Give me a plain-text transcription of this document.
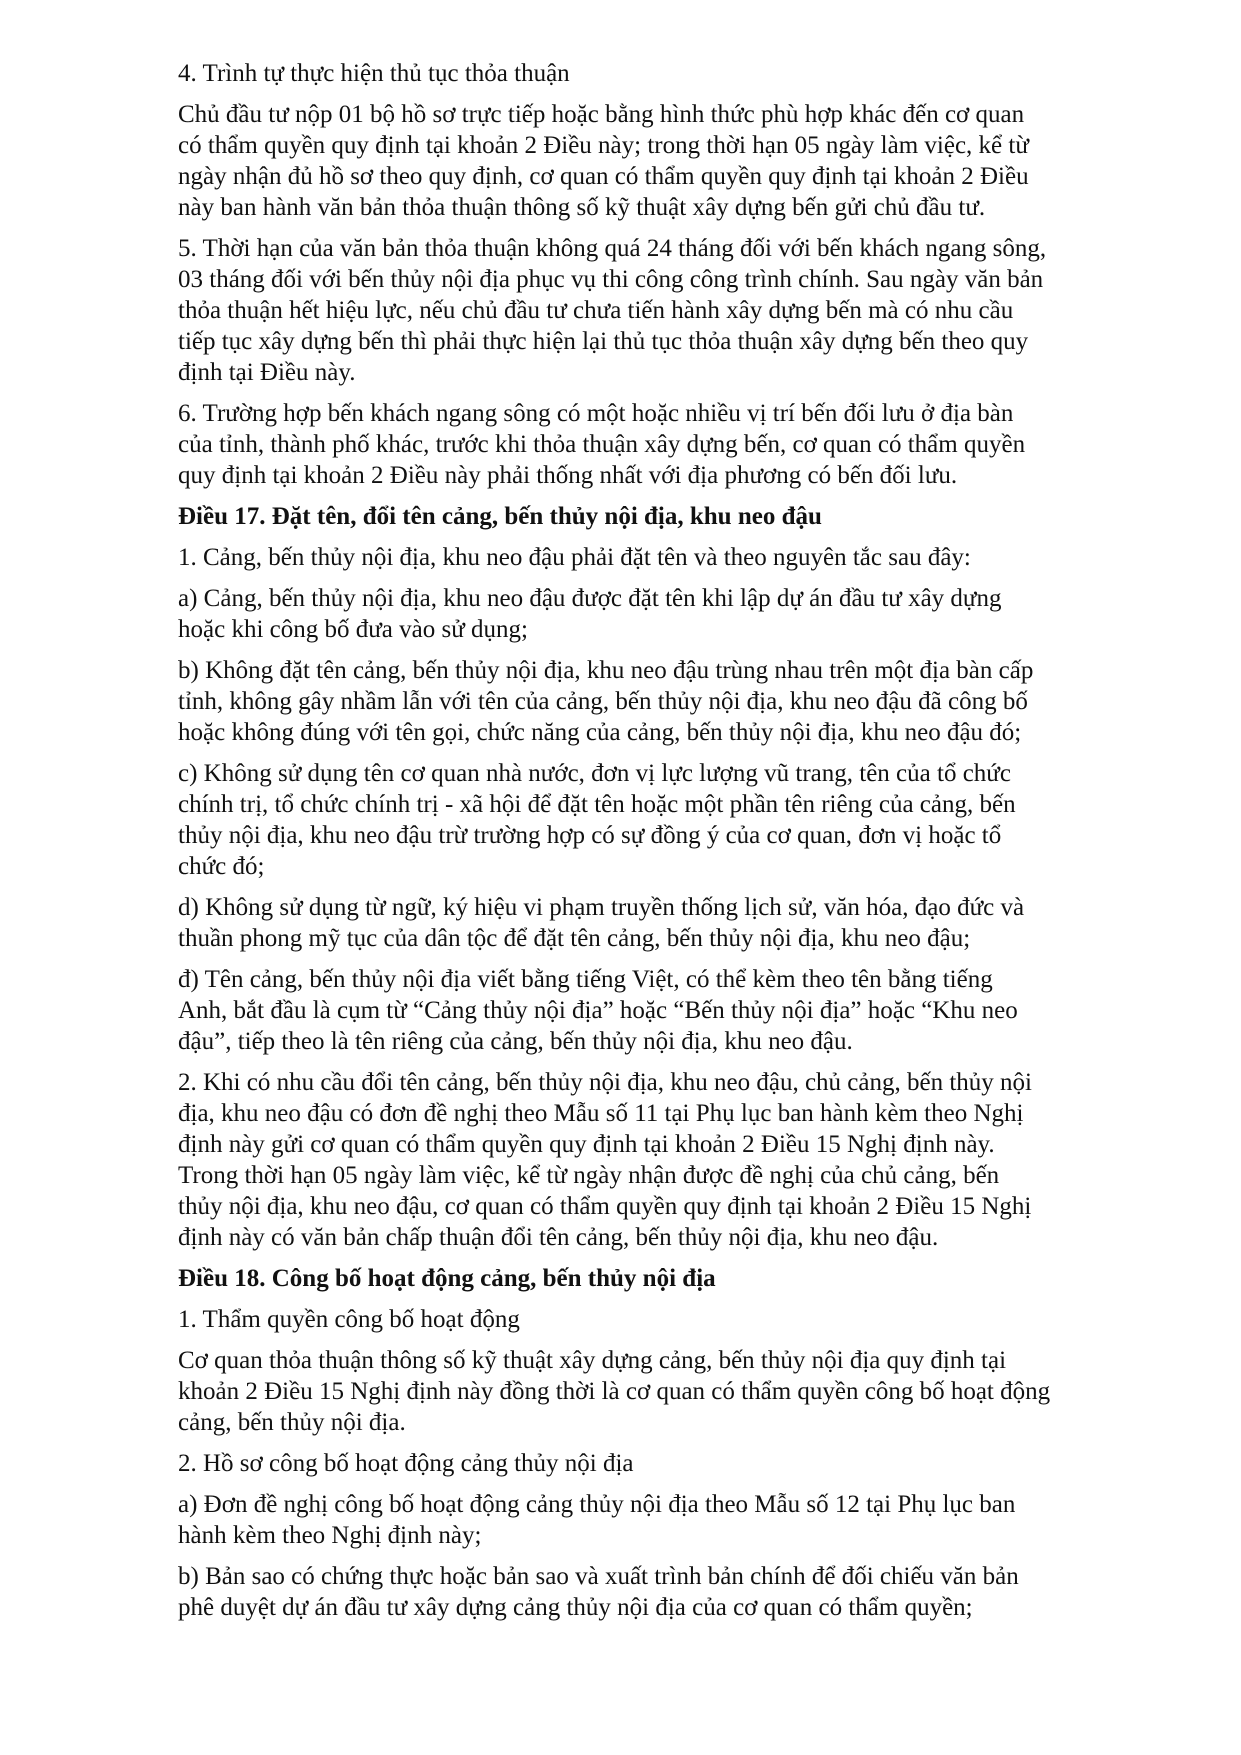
4. Trình tự thực hiện thủ tục thỏa thuận

Chủ đầu tư nộp 01 bộ hồ sơ trực tiếp hoặc bằng hình thức phù hợp khác đến cơ quan
có thẩm quyền quy định tại khoản 2 Điều này; trong thời hạn 05 ngày làm việc, kể từ
ngày nhận đủ hồ sơ theo quy định, cơ quan có thẩm quyền quy định tại khoản 2 Điều
này ban hành văn bản thỏa thuận thông số kỹ thuật xây dựng bến gửi chủ đầu tư.

5. Thời hạn của văn bản thỏa thuận không quá 24 tháng đối với bến khách ngang sông,
03 tháng đối với bến thủy nội địa phục vụ thi công công trình chính. Sau ngày văn bản
thỏa thuận hết hiệu lực, nếu chủ đầu tư chưa tiến hành xây dựng bến mà có nhu cầu
tiếp tục xây dựng bến thì phải thực hiện lại thủ tục thỏa thuận xây dựng bến theo quy
định tại Điều này.

6. Trường hợp bến khách ngang sông có một hoặc nhiều vị trí bến đối lưu ở địa bàn
của tỉnh, thành phố khác, trước khi thỏa thuận xây dựng bến, cơ quan có thẩm quyền
quy định tại khoản 2 Điều này phải thống nhất với địa phương có bến đối lưu.

Điều 17. Đặt tên, đổi tên cảng, bến thủy nội địa, khu neo đậu

1. Cảng, bến thủy nội địa, khu neo đậu phải đặt tên và theo nguyên tắc sau đây:

a) Cảng, bến thủy nội địa, khu neo đậu được đặt tên khi lập dự án đầu tư xây dựng
hoặc khi công bố đưa vào sử dụng;

b) Không đặt tên cảng, bến thủy nội địa, khu neo đậu trùng nhau trên một địa bàn cấp
tỉnh, không gây nhầm lẫn với tên của cảng, bến thủy nội địa, khu neo đậu đã công bố
hoặc không đúng với tên gọi, chức năng của cảng, bến thủy nội địa, khu neo đậu đó;

c) Không sử dụng tên cơ quan nhà nước, đơn vị lực lượng vũ trang, tên của tổ chức
chính trị, tổ chức chính trị - xã hội để đặt tên hoặc một phần tên riêng của cảng, bến
thủy nội địa, khu neo đậu trừ trường hợp có sự đồng ý của cơ quan, đơn vị hoặc tổ
chức đó;

d) Không sử dụng từ ngữ, ký hiệu vi phạm truyền thống lịch sử, văn hóa, đạo đức và
thuần phong mỹ tục của dân tộc để đặt tên cảng, bến thủy nội địa, khu neo đậu;

đ) Tên cảng, bến thủy nội địa viết bằng tiếng Việt, có thể kèm theo tên bằng tiếng
Anh, bắt đầu là cụm từ “Cảng thủy nội địa” hoặc “Bến thủy nội địa” hoặc “Khu neo
đậu”, tiếp theo là tên riêng của cảng, bến thủy nội địa, khu neo đậu.

2. Khi có nhu cầu đổi tên cảng, bến thủy nội địa, khu neo đậu, chủ cảng, bến thủy nội
địa, khu neo đậu có đơn đề nghị theo Mẫu số 11 tại Phụ lục ban hành kèm theo Nghị
định này gửi cơ quan có thẩm quyền quy định tại khoản 2 Điều 15 Nghị định này.
Trong thời hạn 05 ngày làm việc, kể từ ngày nhận được đề nghị của chủ cảng, bến
thủy nội địa, khu neo đậu, cơ quan có thẩm quyền quy định tại khoản 2 Điều 15 Nghị
định này có văn bản chấp thuận đổi tên cảng, bến thủy nội địa, khu neo đậu.

Điều 18. Công bố hoạt động cảng, bến thủy nội địa

1. Thẩm quyền công bố hoạt động

Cơ quan thỏa thuận thông số kỹ thuật xây dựng cảng, bến thủy nội địa quy định tại
khoản 2 Điều 15 Nghị định này đồng thời là cơ quan có thẩm quyền công bố hoạt động
cảng, bến thủy nội địa.

2. Hồ sơ công bố hoạt động cảng thủy nội địa

a) Đơn đề nghị công bố hoạt động cảng thủy nội địa theo Mẫu số 12 tại Phụ lục ban
hành kèm theo Nghị định này;

b) Bản sao có chứng thực hoặc bản sao và xuất trình bản chính để đối chiếu văn bản
phê duyệt dự án đầu tư xây dựng cảng thủy nội địa của cơ quan có thẩm quyền;
